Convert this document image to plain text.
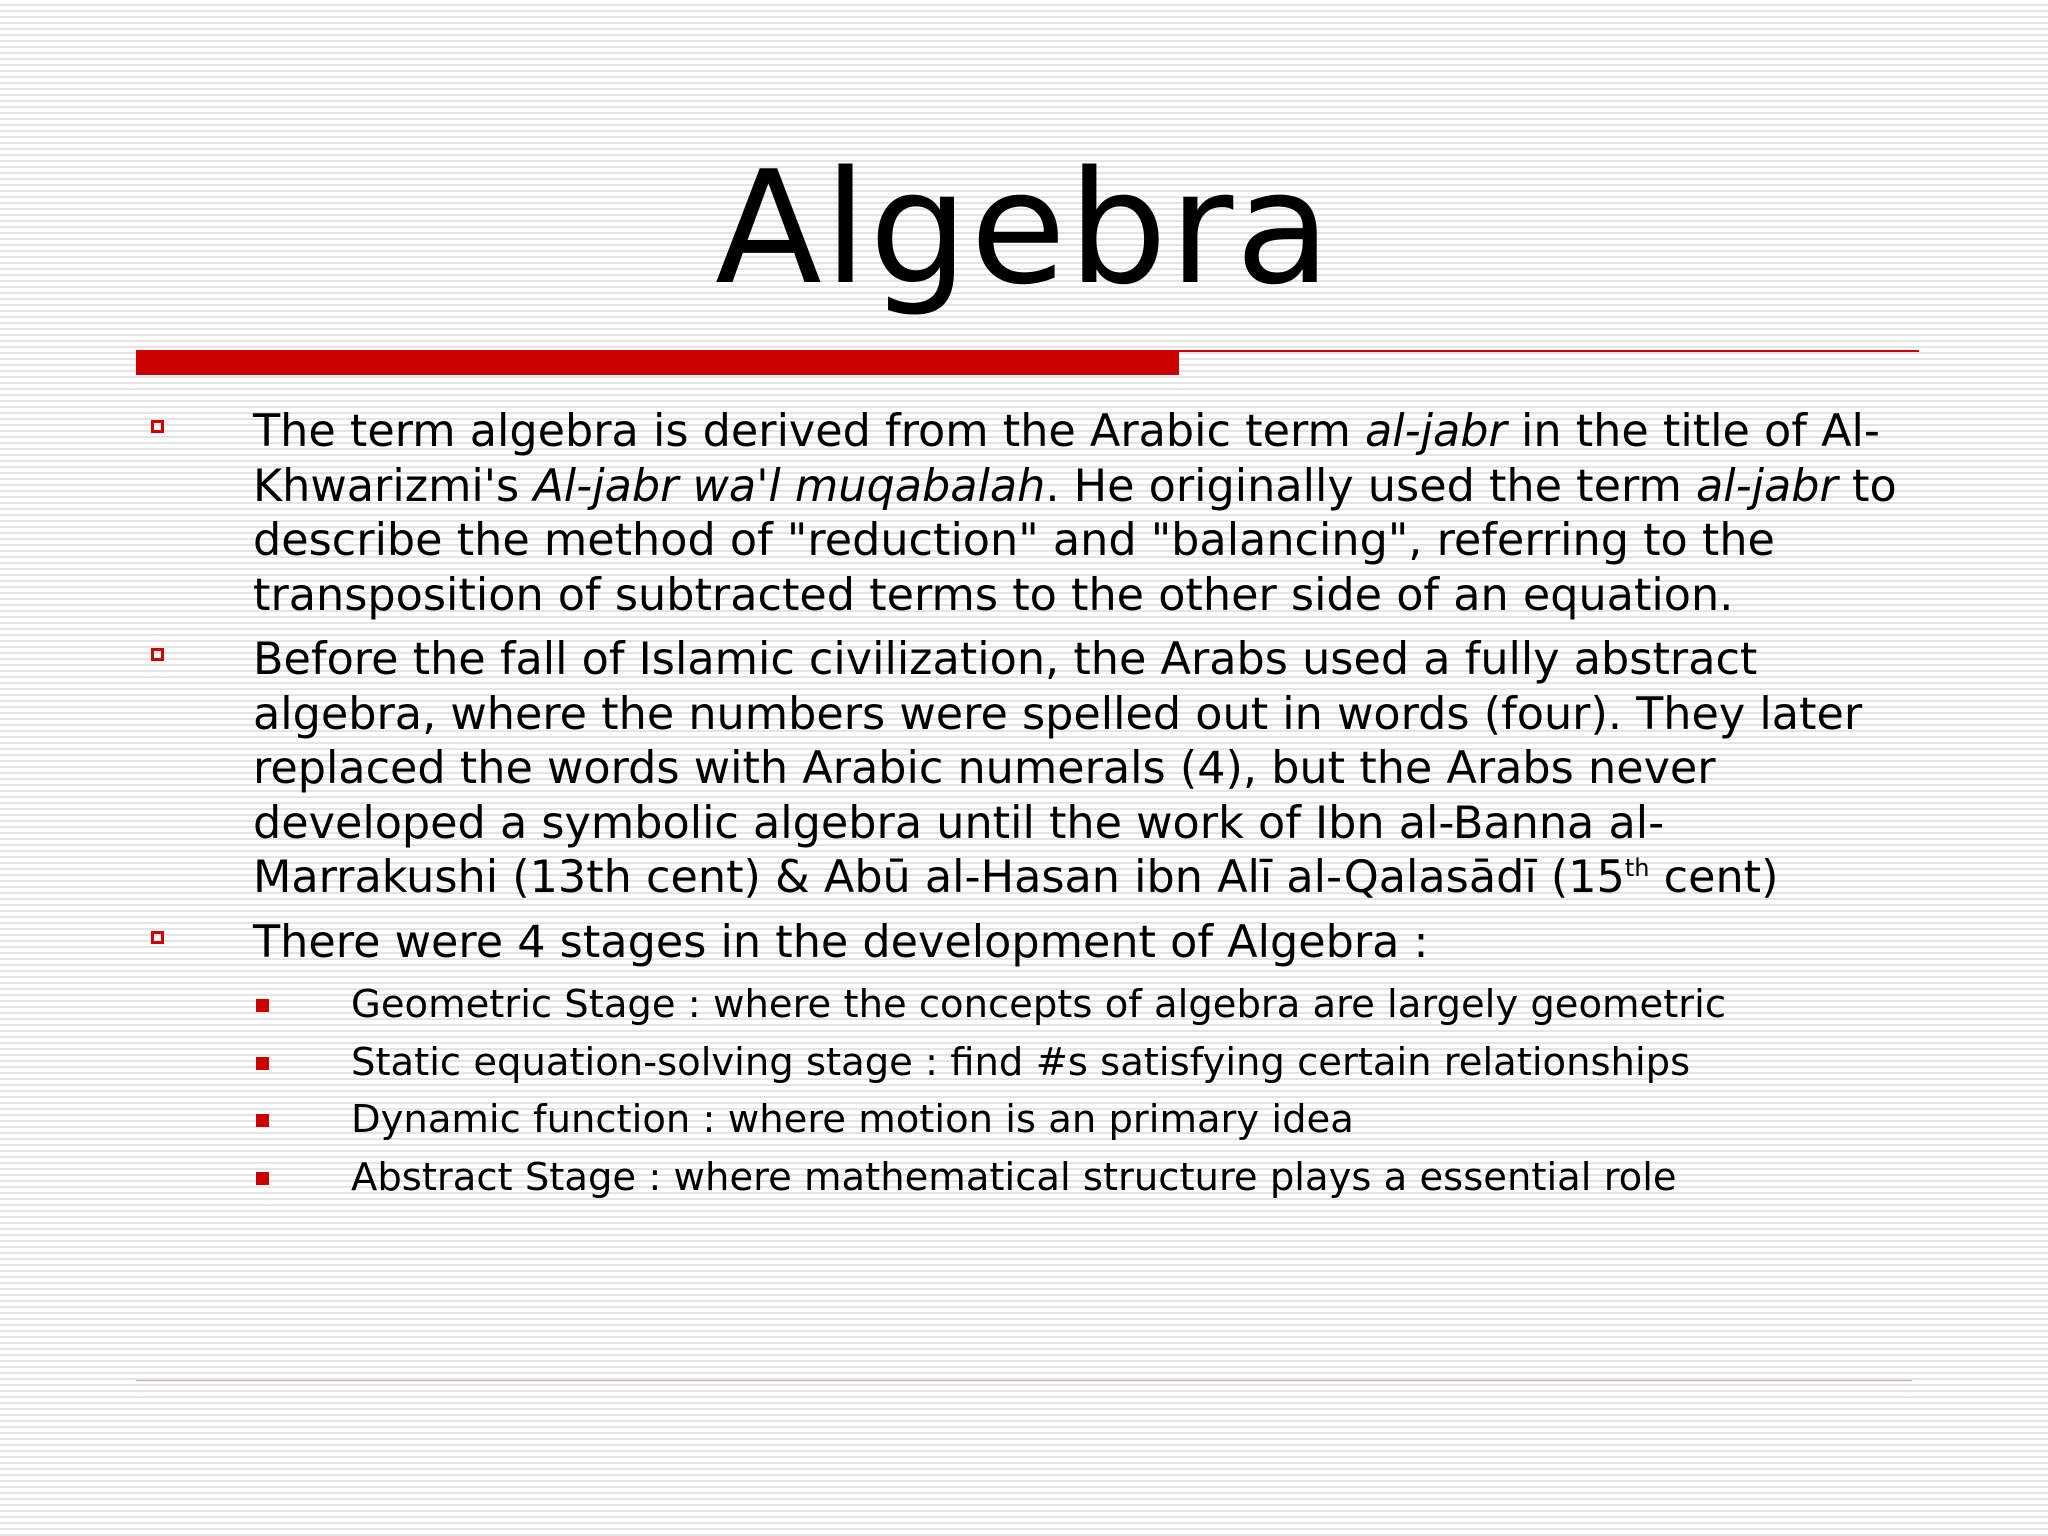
Algebra
The term algebra is derived from the Arabic term al-jabr in the title of Al-Khwarizmi's Al-jabr wa'l muqabalah. He originally used the term al-jabr to describe the method of "reduction" and "balancing", referring to the transposition of subtracted terms to the other side of an equation.
Before the fall of Islamic civilization, the Arabs used a fully abstract algebra, where the numbers were spelled out in words (four). They later replaced the words with Arabic numerals (4), but the Arabs never developed a symbolic algebra until the work of Ibn al-Banna al-Marrakushi (13th cent) & Abū al-Hasan ibn Alī al-Qalasādī (15th cent)
There were 4 stages in the development of Algebra :
Geometric Stage : where the concepts of algebra are largely geometric
Static equation-solving stage : find #s satisfying certain relationships
Dynamic function : where motion is an primary idea
Abstract Stage : where mathematical structure plays a essential role
